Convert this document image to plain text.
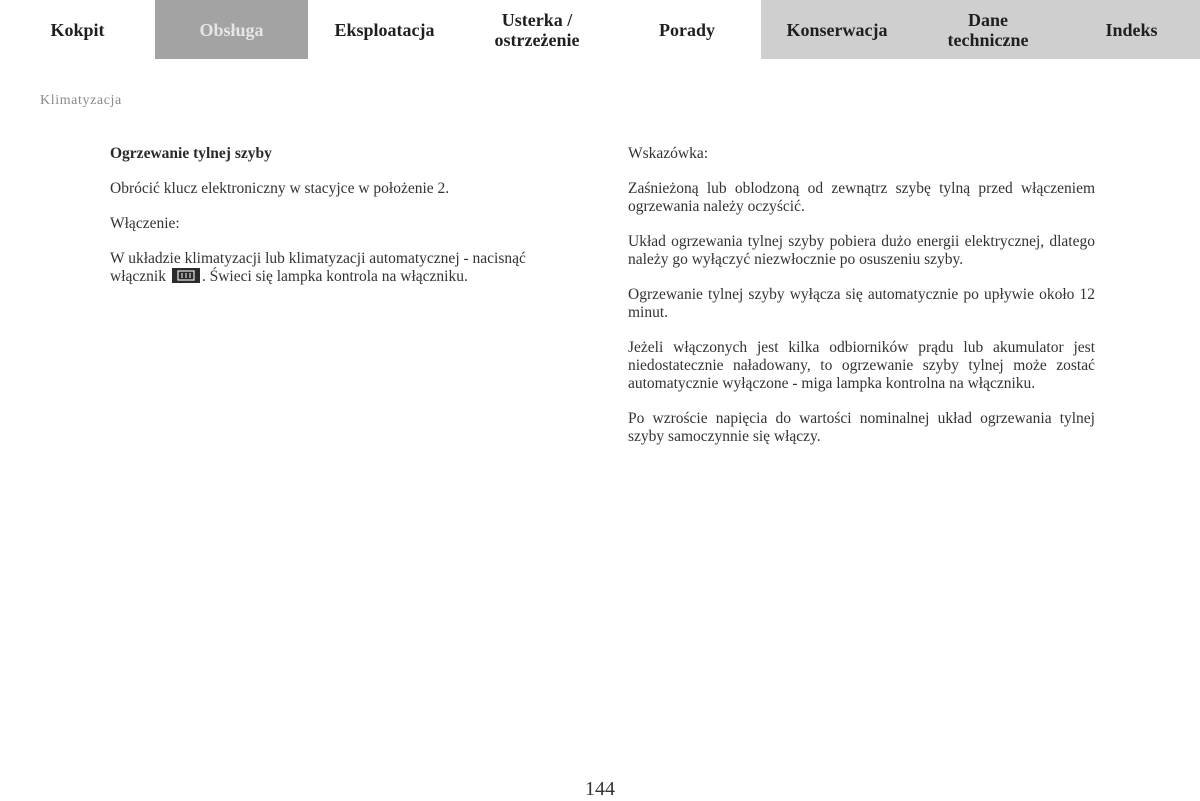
Kokpit	Obsługa	Eksploatacja	Usterka /
ostrzeżenie	Porady	Konserwacja	Dane
techniczne	Indeks
Klimatyzacja

Ogrzewanie tylnej szyby

Obrócić klucz elektroniczny w stacyjce w położenie 2.

Włączenie:

W układzie klimatyzacji lub klimatyzacji automatycznej - nacisnąć włącznik . Świeci się lampka kontrola na włączniku.

Wskazówka:

Zaśnieżoną lub oblodzoną od zewnątrz szybę tylną przed włączeniem ogrzewania należy oczyścić.

Układ ogrzewania tylnej szyby pobiera dużo energii elektrycznej, dlatego należy go wyłączyć niezwłocznie po osuszeniu szyby.

Ogrzewanie tylnej szyby wyłącza się automatycznie po upływie około 12 minut.

Jeżeli włączonych jest kilka odbiorników prądu lub akumulator jest niedostatecznie naładowany, to ogrzewanie szyby tylnej może zostać automatycznie wyłączone - miga lampka kontrolna na włączniku.

Po wzroście napięcia do wartości nominalnej układ ogrzewania tylnej szyby samoczynnie się włączy.

144
